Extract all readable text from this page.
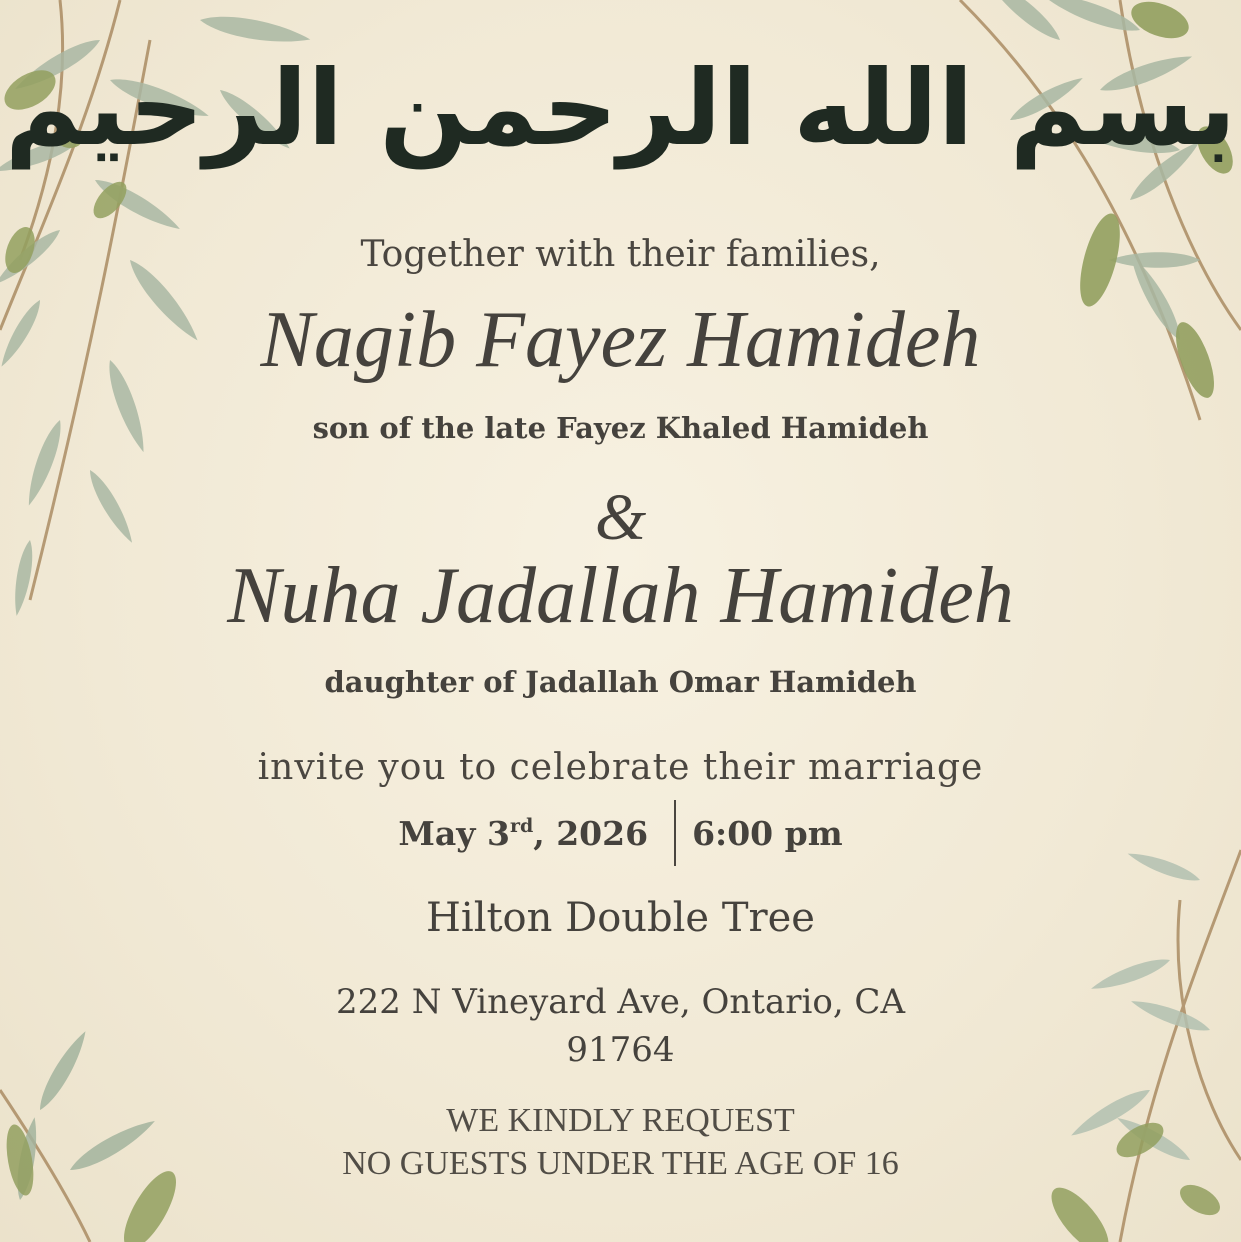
بسم الله الرحمن الرحيم
Together with their families,
Nagib Fayez Hamideh
son of the late Fayez Khaled Hamideh
&
Nuha Jadallah Hamideh
daughter of Jadallah Omar Hamideh
invite you to celebrate their marriage
May 3rd, 2026	6:00 pm
Hilton Double Tree
222 N Vineyard Ave, Ontario, CA
91764
WE KINDLY REQUEST
NO GUESTS UNDER THE AGE OF 16
